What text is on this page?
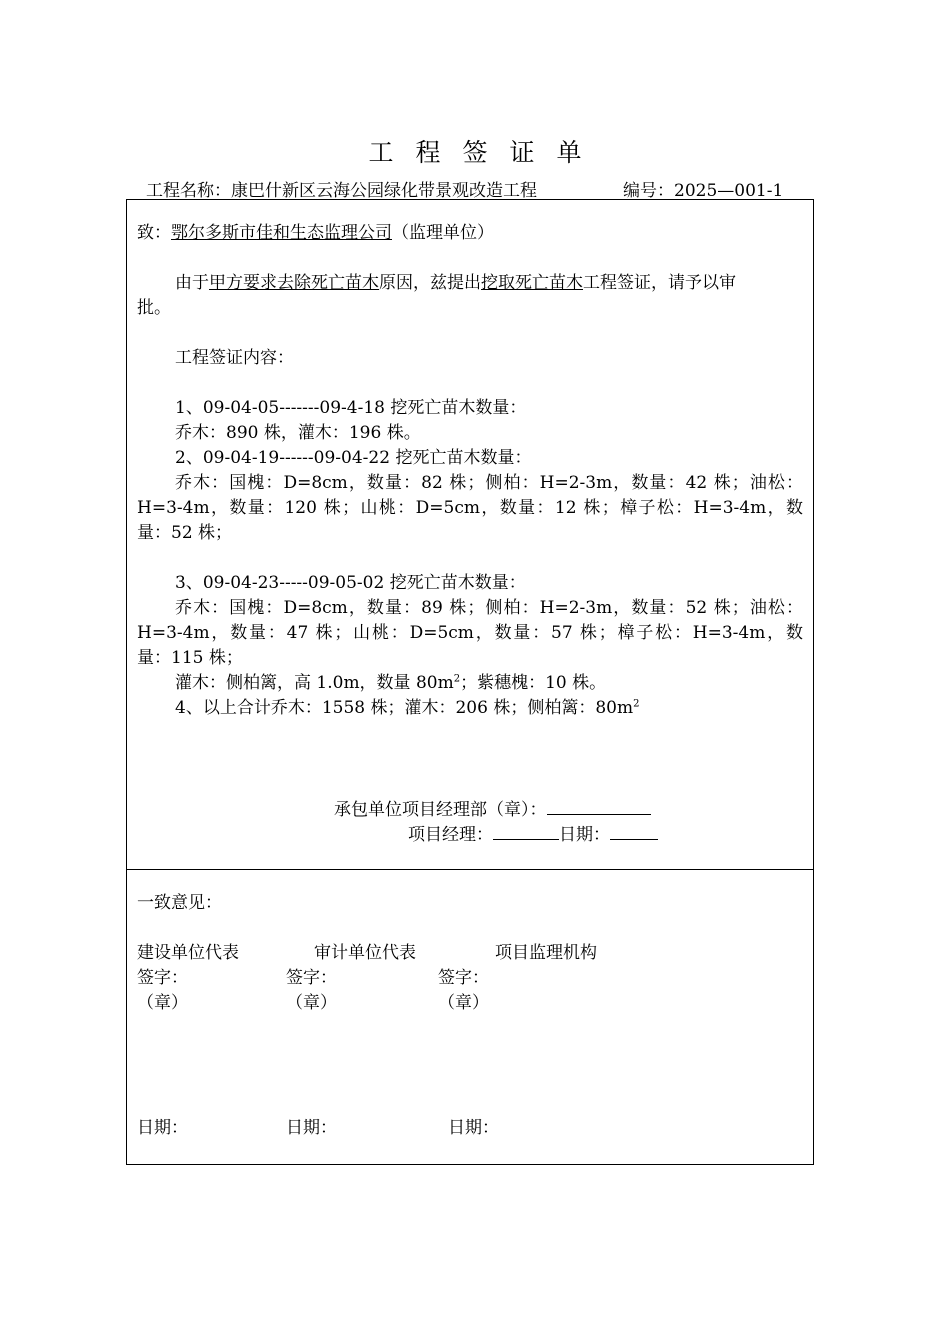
工程签证单
工程名称：康巴什新区云海公园绿化带景观改造工程	编号：2025—001-1
致：鄂尔多斯市佳和生态监理公司（监理单位）
由于甲方要求去除死亡苗木原因，兹提出挖取死亡苗木工程签证，请予以审
批。
工程签证内容：
1、09-04-05-------09-4-18 挖死亡苗木数量：
乔木：890 株，灌木：196 株。
2、09-04-19------09-04-22 挖死亡苗木数量：
乔木：国槐：D=8cm，数量：82 株；侧柏：H=2-3m，数量：42 株；油松：
H=3-4m，数量：120 株；山桃：D=5cm，数量：12 株；樟子松：H=3-4m，数
量：52 株；
3、09-04-23-----09-05-02 挖死亡苗木数量：
乔木：国槐：D=8cm，数量：89 株；侧柏：H=2-3m，数量：52 株；油松：
H=3-4m，数量：47 株；山桃：D=5cm，数量：57 株；樟子松：H=3-4m，数
量：115 株；
灌木：侧柏篱，高 1.0m，数量 $80m^2$；紫穗槐：10 株。
4、以上合计乔木：1558 株；灌木：206 株；侧柏篱：$80m^2$
承包单位项目经理部（章）：
项目经理：	日期：
一致意见：
建设单位代表	审计单位代表	项目监理机构
签字：	签字：	签字：
（章）	（章）	（章）
日期：	日期：	日期：
